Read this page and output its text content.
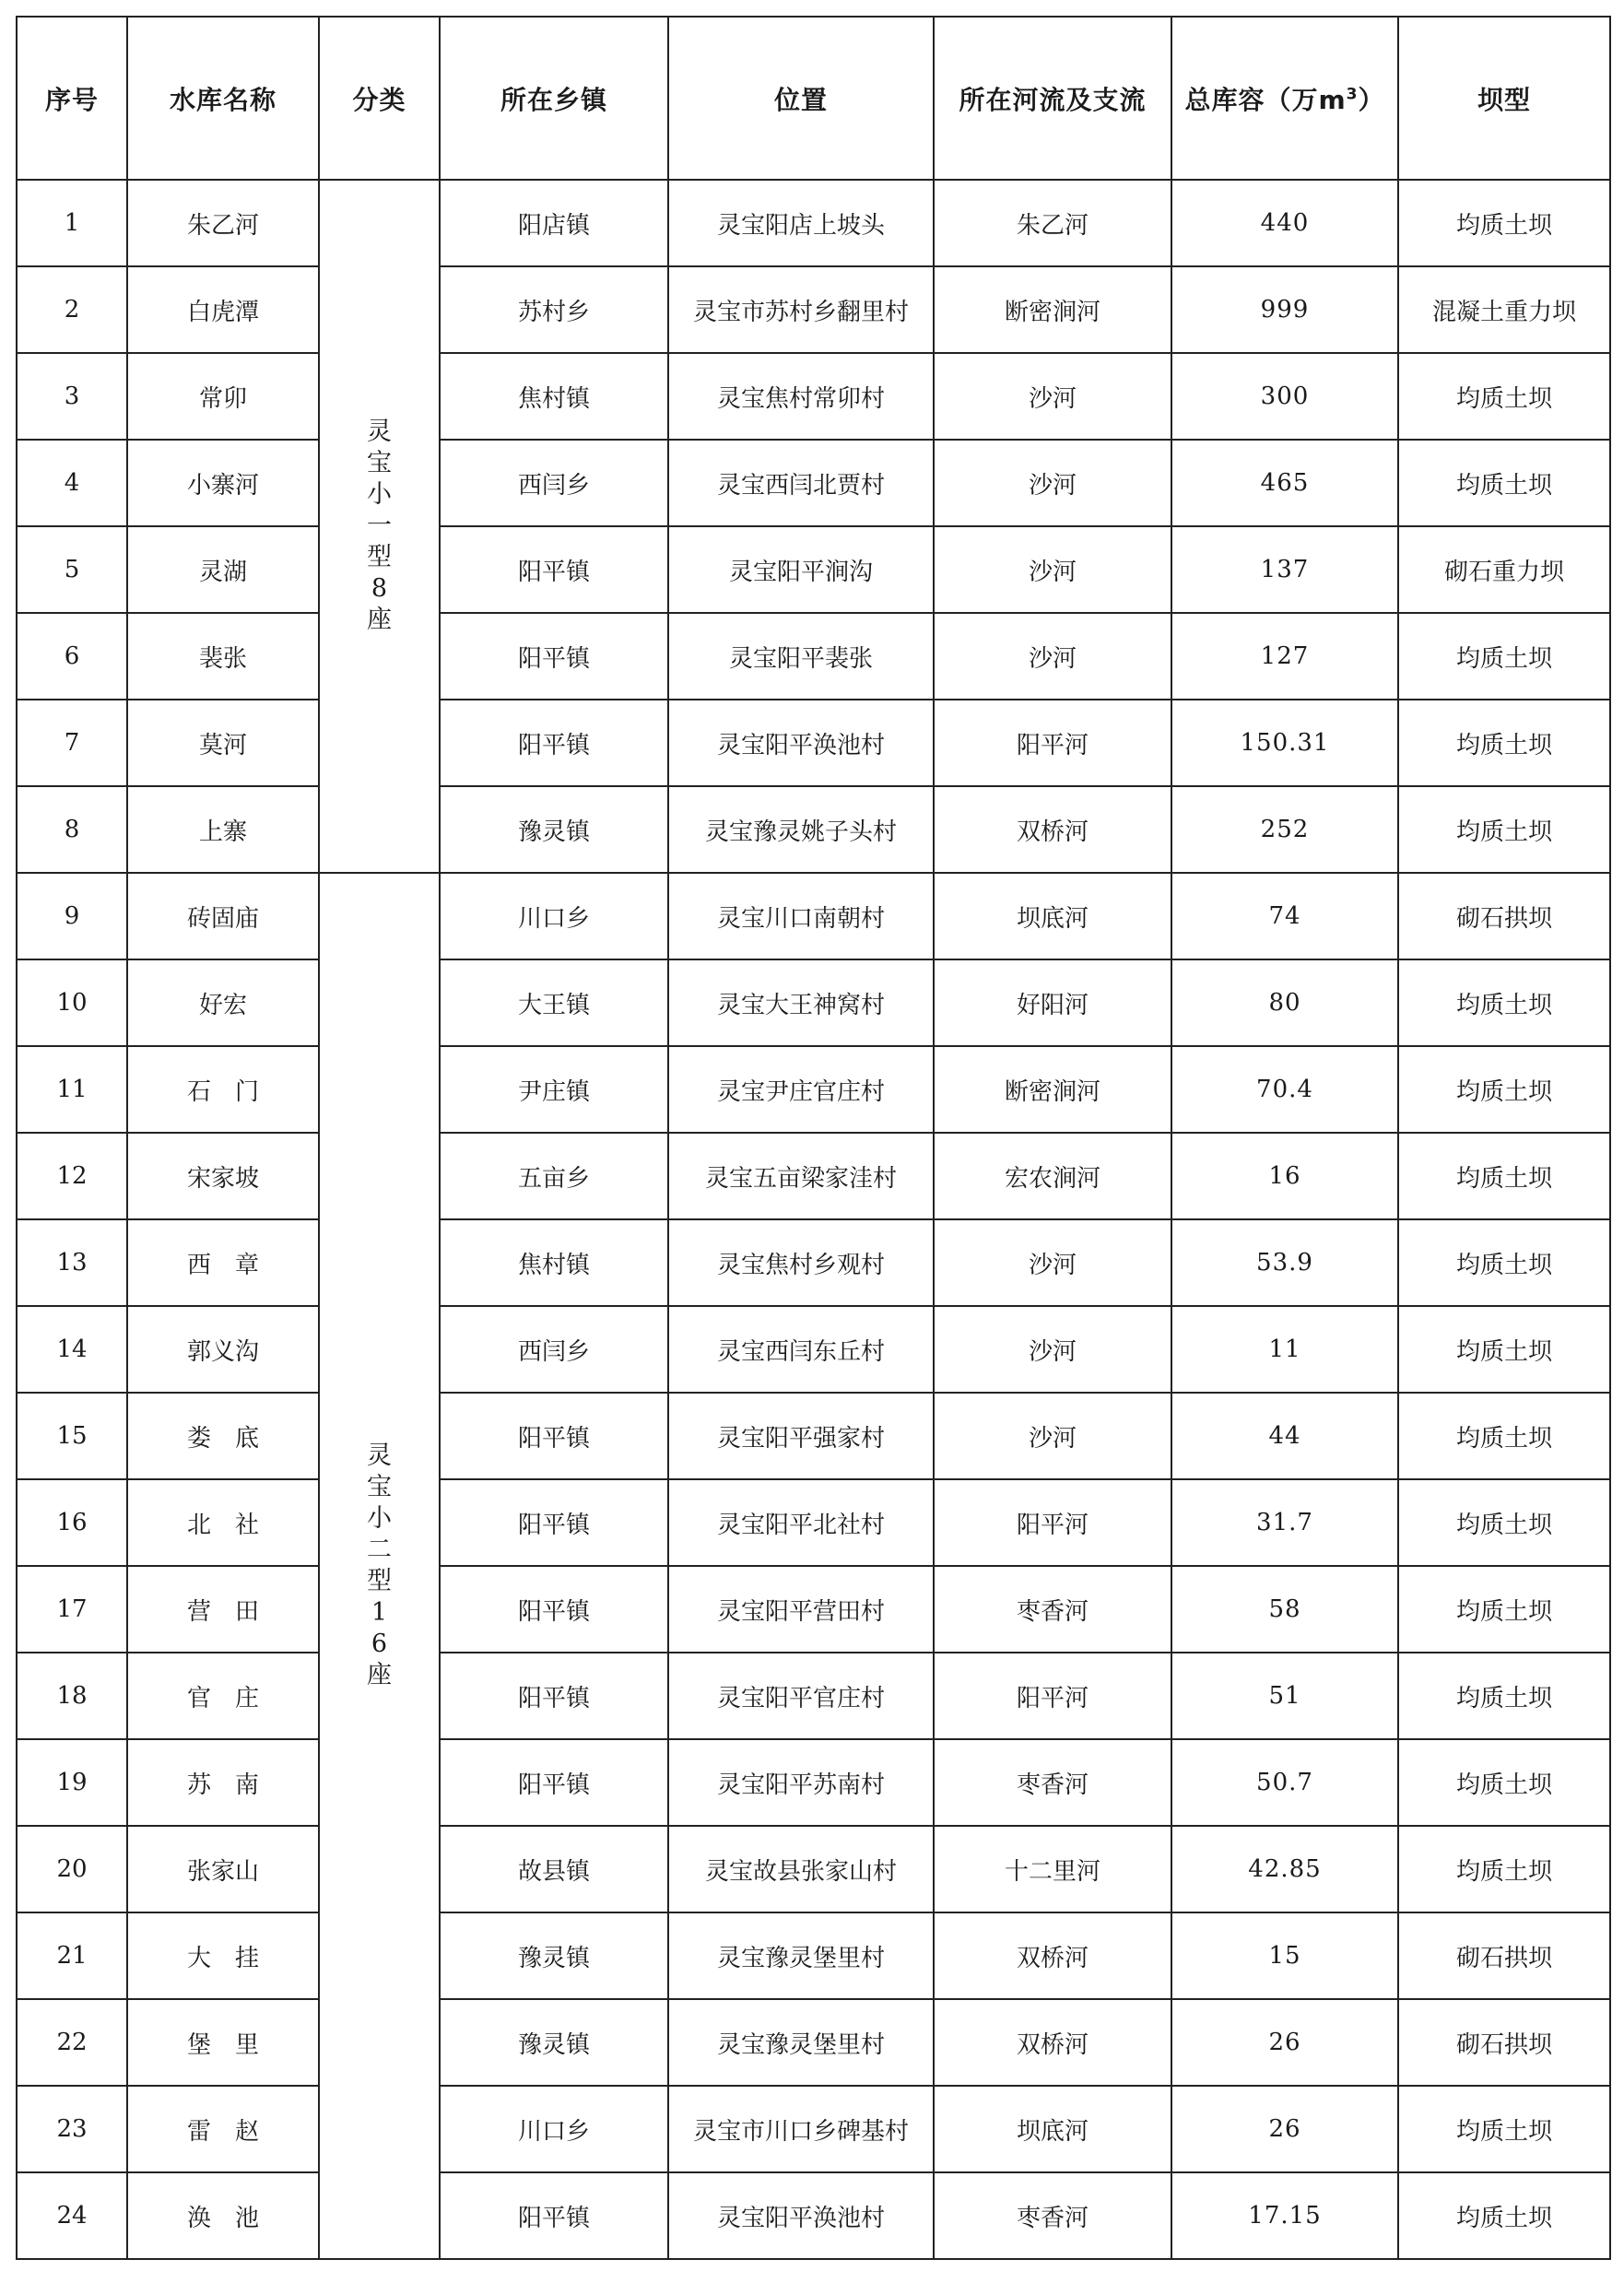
序号	水库名称	分类	所在乡镇	位置	所在河流及支流	总库容（万$m^3$）	坝型
1	朱乙河	灵宝小一型8座	阳店镇	灵宝阳店上坡头	朱乙河	440	均质土坝
2	白虎潭		苏村乡	灵宝市苏村乡翻里村	断密涧河	999	混凝土重力坝
3	常卯		焦村镇	灵宝焦村常卯村	沙河	300	均质土坝
4	小寨河		西闫乡	灵宝西闫北贾村	沙河	465	均质土坝
5	灵湖		阳平镇	灵宝阳平涧沟	沙河	137	砌石重力坝
6	裴张		阳平镇	灵宝阳平裴张	沙河	127	均质土坝
7	莫河		阳平镇	灵宝阳平涣池村	阳平河	150.31	均质土坝
8	上寨		豫灵镇	灵宝豫灵姚子头村	双桥河	252	均质土坝
9	砖固庙	灵宝小二型16座	川口乡	灵宝川口南朝村	坝底河	74	砌石拱坝
10	好宏		大王镇	灵宝大王神窝村	好阳河	80	均质土坝
11	石　门		尹庄镇	灵宝尹庄官庄村	断密涧河	70.4	均质土坝
12	宋家坡		五亩乡	灵宝五亩梁家洼村	宏农涧河	16	均质土坝
13	西　章		焦村镇	灵宝焦村乡观村	沙河	53.9	均质土坝
14	郭义沟		西闫乡	灵宝西闫东丘村	沙河	11	均质土坝
15	娄　底		阳平镇	灵宝阳平强家村	沙河	44	均质土坝
16	北　社		阳平镇	灵宝阳平北社村	阳平河	31.7	均质土坝
17	营　田		阳平镇	灵宝阳平营田村	枣香河	58	均质土坝
18	官　庄		阳平镇	灵宝阳平官庄村	阳平河	51	均质土坝
19	苏　南		阳平镇	灵宝阳平苏南村	枣香河	50.7	均质土坝
20	张家山		故县镇	灵宝故县张家山村	十二里河	42.85	均质土坝
21	大　挂		豫灵镇	灵宝豫灵堡里村	双桥河	15	砌石拱坝
22	堡　里		豫灵镇	灵宝豫灵堡里村	双桥河	26	砌石拱坝
23	雷　赵		川口乡	灵宝市川口乡碑基村	坝底河	26	均质土坝
24	涣　池		阳平镇	灵宝阳平涣池村	枣香河	17.15	均质土坝
